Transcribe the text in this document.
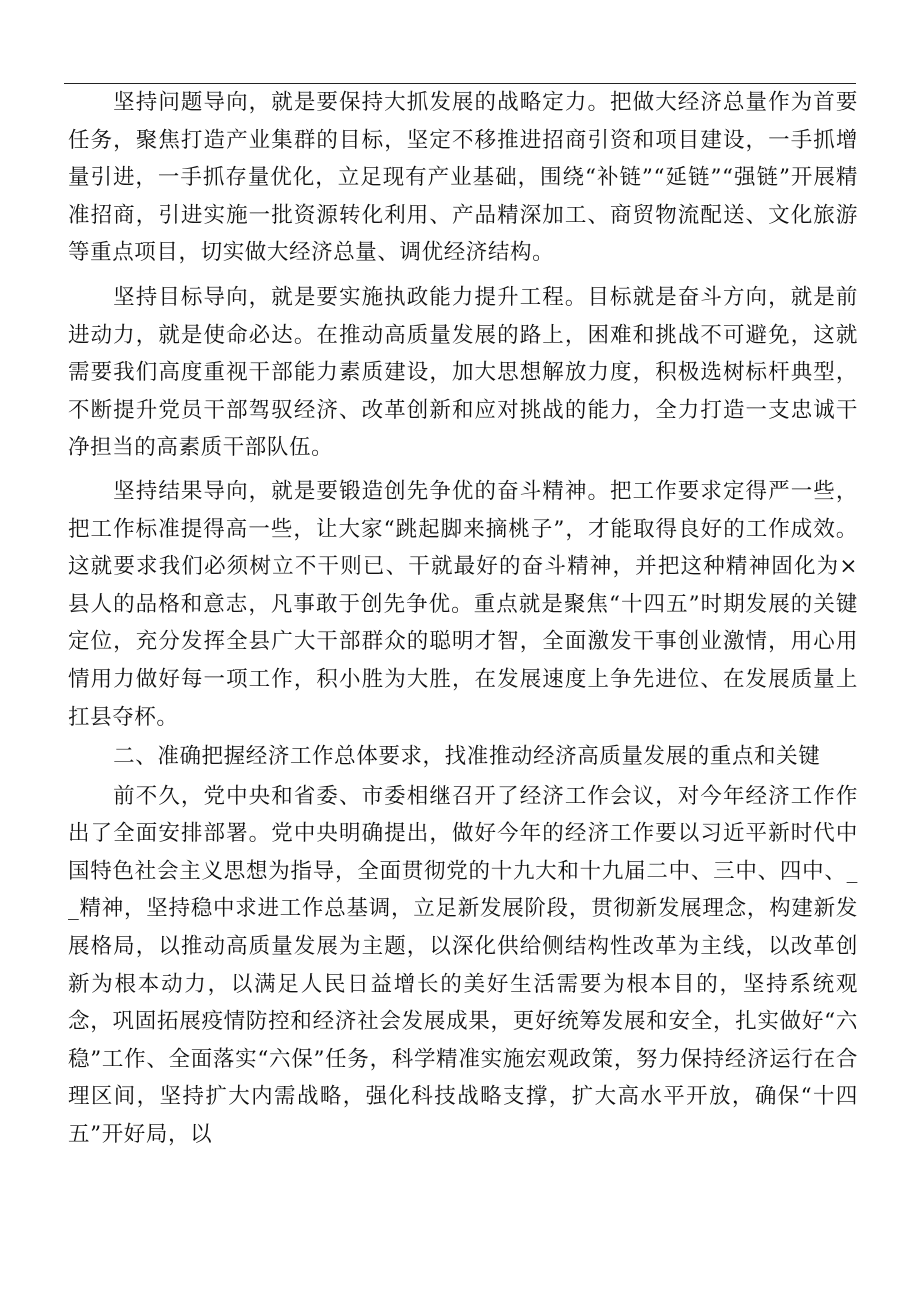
坚持问题导向，就是要保持大抓发展的战略定力。把做大经济总量作为首要任务，聚焦打造产业集群的目标，坚定不移推进招商引资和项目建设，一手抓增量引进，一手抓存量优化，立足现有产业基础，围绕“补链”“延链”“强链”开展精准招商，引进实施一批资源转化利用、产品精深加工、商贸物流配送、文化旅游等重点项目，切实做大经济总量、调优经济结构。

坚持目标导向，就是要实施执政能力提升工程。目标就是奋斗方向，就是前进动力，就是使命必达。在推动高质量发展的路上，困难和挑战不可避免，这就需要我们高度重视干部能力素质建设，加大思想解放力度，积极选树标杆典型，不断提升党员干部驾驭经济、改革创新和应对挑战的能力，全力打造一支忠诚干净担当的高素质干部队伍。

坚持结果导向，就是要锻造创先争优的奋斗精神。把工作要求定得严一些，把工作标准提得高一些，让大家“跳起脚来摘桃子”，才能取得良好的工作成效。这就要求我们必须树立不干则已、干就最好的奋斗精神，并把这种精神固化为×县人的品格和意志，凡事敢于创先争优。重点就是聚焦“十四五”时期发展的关键定位，充分发挥全县广大干部群众的聪明才智，全面激发干事创业激情，用心用情用力做好每一项工作，积小胜为大胜，在发展速度上争先进位、在发展质量上扛县夺杯。

二、准确把握经济工作总体要求，找准推动经济高质量发展的重点和关键

前不久，党中央和省委、市委相继召开了经济工作会议，对今年经济工作作出了全面安排部署。党中央明确提出，做好今年的经济工作要以习近平新时代中国特色社会主义思想为指导，全面贯彻党的十九大和十九届二中、三中、四中、__精神，坚持稳中求进工作总基调，立足新发展阶段，贯彻新发展理念，构建新发展格局，以推动高质量发展为主题，以深化供给侧结构性改革为主线，以改革创新为根本动力，以满足人民日益增长的美好生活需要为根本目的，坚持系统观念，巩固拓展疫情防控和经济社会发展成果，更好统筹发展和安全，扎实做好“六稳”工作、全面落实“六保”任务，科学精准实施宏观政策，努力保持经济运行在合理区间，坚持扩大内需战略，强化科技战略支撑，扩大高水平开放，确保“十四五”开好局，以
